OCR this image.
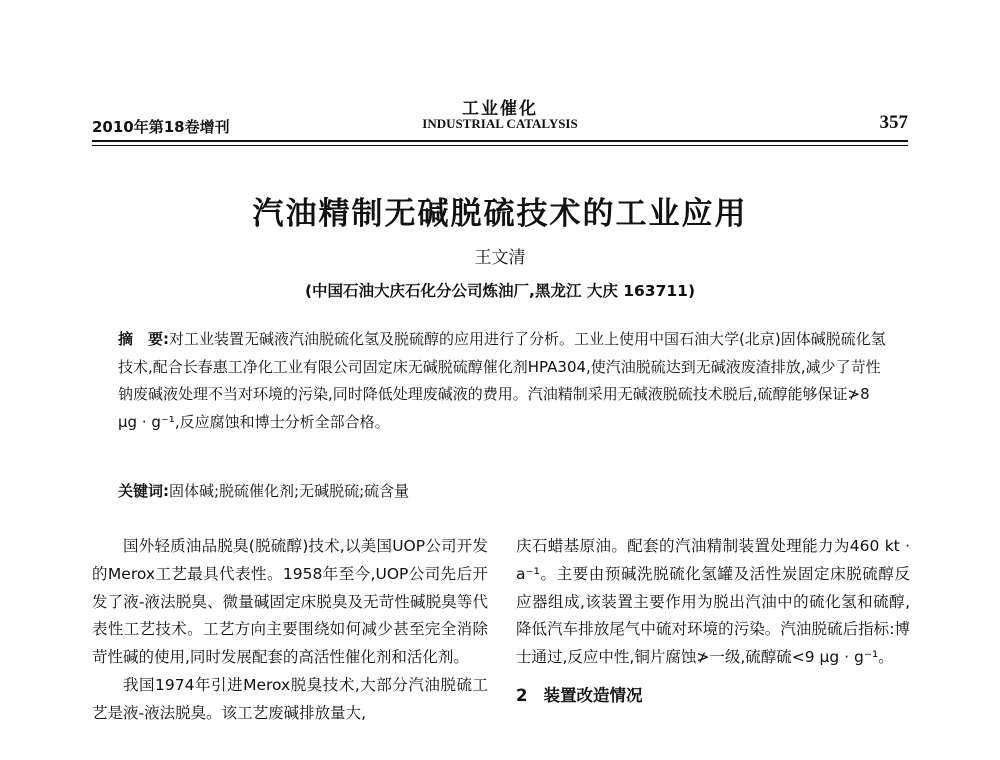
2010年第18卷增刊
工业催化
INDUSTRIAL CATALYSIS	357
汽油精制无碱脱硫技术的工业应用
王文清
(中国石油大庆石化分公司炼油厂,黑龙江 大庆 163711)
摘　要:对工业装置无碱液汽油脱硫化氢及脱硫醇的应用进行了分析。工业上使用中国石油大学(北京)固体碱脱硫化氢技术,配合长春惠工净化工业有限公司固定床无碱脱硫醇催化剂HPA304,使汽油脱硫达到无碱液废渣排放,减少了苛性钠废碱液处理不当对环境的污染,同时降低处理废碱液的费用。汽油精制采用无碱液脱硫技术脱后,硫醇能够保证≯8 μg · g⁻¹,反应腐蚀和博士分析全部合格。
关键词:固体碱;脱硫催化剂;无碱脱硫;硫含量

国外轻质油品脱臭(脱硫醇)技术,以美国UOP公司开发的Merox工艺最具代表性。1958年至今,UOP公司先后开发了液-液法脱臭、微量碱固定床脱臭及无苛性碱脱臭等代表性工艺技术。工艺方向主要围绕如何减少甚至完全消除苛性碱的使用,同时发展配套的高活性催化剂和活化剂。

我国1974年引进Merox脱臭技术,大部分汽油脱硫工艺是液-液法脱臭。该工艺废碱排放量大,

庆石蜡基原油。配套的汽油精制装置处理能力为460 kt · a⁻¹。主要由预碱洗脱硫化氢罐及活性炭固定床脱硫醇反应器组成,该装置主要作用为脱出汽油中的硫化氢和硫醇,降低汽车排放尾气中硫对环境的污染。汽油脱硫后指标:博士通过,反应中性,铜片腐蚀≯一级,硫醇硫<9 μg · g⁻¹。

2 装置改造情况
